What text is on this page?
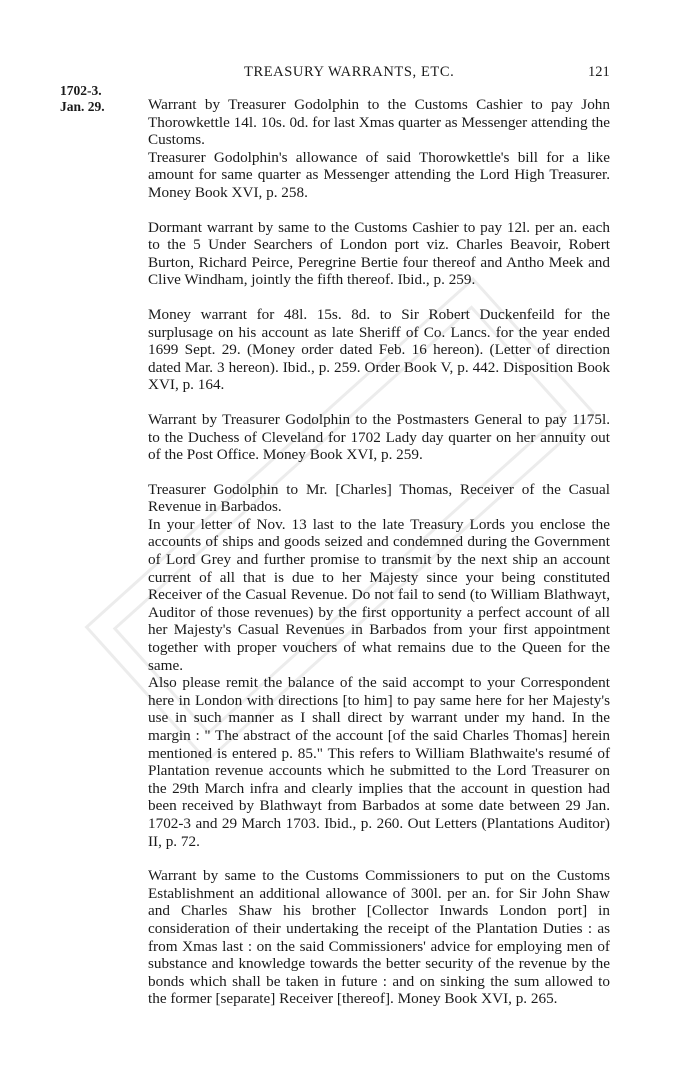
TREASURY WARRANTS, ETC.	121
1702-3.
Jan. 29.	Warrant by Treasurer Godolphin to the Customs Cashier to pay John Thorowkettle 14l. 10s. 0d. for last Xmas quarter as Messenger attending the Customs.

Treasurer Godolphin's allowance of said Thorowkettle's bill for a like amount for same quarter as Messenger attending the Lord High Treasurer. Money Book XVI, p. 258.

Dormant warrant by same to the Customs Cashier to pay 12l. per an. each to the 5 Under Searchers of London port viz. Charles Beavoir, Robert Burton, Richard Peirce, Peregrine Bertie four thereof and Antho Meek and Clive Windham, jointly the fifth thereof. Ibid., p. 259.

Money warrant for 48l. 15s. 8d. to Sir Robert Duckenfeild for the surplusage on his account as late Sheriff of Co. Lancs. for the year ended 1699 Sept. 29. (Money order dated Feb. 16 hereon). (Letter of direction dated Mar. 3 hereon). Ibid., p. 259. Order Book V, p. 442. Disposition Book XVI, p. 164.

Warrant by Treasurer Godolphin to the Postmasters General to pay 1175l. to the Duchess of Cleveland for 1702 Lady day quarter on her annuity out of the Post Office. Money Book XVI, p. 259.

Treasurer Godolphin to Mr. [Charles] Thomas, Receiver of the Casual Revenue in Barbados.

In your letter of Nov. 13 last to the late Treasury Lords you enclose the accounts of ships and goods seized and condemned during the Government of Lord Grey and further promise to transmit by the next ship an account current of all that is due to her Majesty since your being constituted Receiver of the Casual Revenue. Do not fail to send (to William Blathwayt, Auditor of those revenues) by the first opportunity a perfect account of all her Majesty's Casual Revenues in Barbados from your first appointment together with proper vouchers of what remains due to the Queen for the same.

Also please remit the balance of the said accompt to your Correspondent here in London with directions [to him] to pay same here for her Majesty's use in such manner as I shall direct by warrant under my hand. In the margin : " The abstract of the account [of the said Charles Thomas] herein mentioned is entered p. 85." This refers to William Blathwaite's resumé of Plantation revenue accounts which he submitted to the Lord Treasurer on the 29th March infra and clearly implies that the account in question had been received by Blathwayt from Barbados at some date between 29 Jan. 1702-3 and 29 March 1703. Ibid., p. 260. Out Letters (Plantations Auditor) II, p. 72.

Warrant by same to the Customs Commissioners to put on the Customs Establishment an additional allowance of 300l. per an. for Sir John Shaw and Charles Shaw his brother [Collector Inwards London port] in consideration of their undertaking the receipt of the Plantation Duties : as from Xmas last : on the said Commissioners' advice for employing men of substance and knowledge towards the better security of the revenue by the bonds which shall be taken in future : and on sinking the sum allowed to the former [separate] Receiver [thereof]. Money Book XVI, p. 265.
